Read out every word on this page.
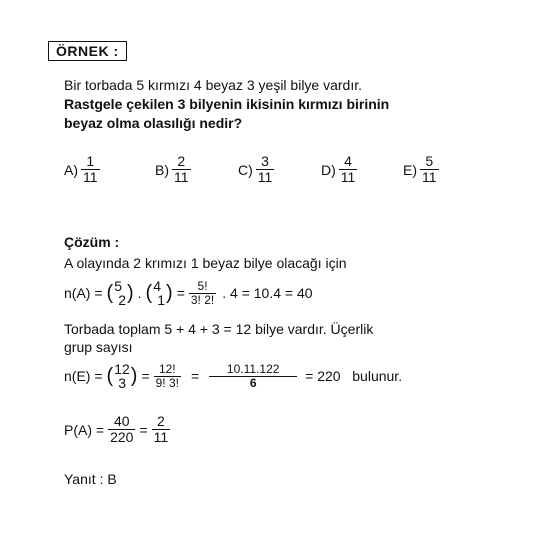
ÖRNEK :
Bir torbada 5 kırmızı 4 beyaz 3 yeşil bilye vardır.
Rastgele çekilen 3 bilyenin ikisinin kırmızı birinin
beyaz olma olasılığı nedir?
$A) \frac{1}{11}$	$B) \frac{2}{11}$	$C) \frac{3}{11}$	$D) \frac{4}{11}$	$E) \frac{5}{11}$
Çözüm :
A olayında 2 krımızı 1 beyaz bilye olacağı için
n(A) = ( 5
2 ) . ( 4
1 ) = $\frac{5!}{3! 2!}$ . 4 = 10.4 = 40
Torbada toplam 5 + 4 + 3 = 12 bilye vardır. Üçerlik
grup sayısı
n(E) = ( 12
3 ) = $\frac{12!}{9! 3!} = \frac{10.11.122}{6} = 220$   bulunur.
$P(A) = \frac{40}{220} = \frac{2}{11}$
Yanıt : B
